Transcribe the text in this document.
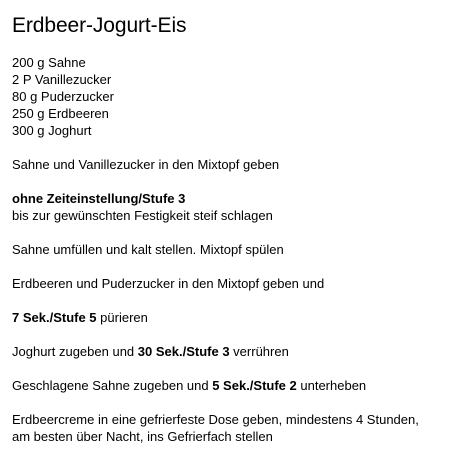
Erdbeer-Jogurt-Eis
200 g Sahne
2 P Vanillezucker
80 g Puderzucker
250 g Erdbeeren
300 g Joghurt

Sahne und Vanillezucker in den Mixtopf geben

ohne Zeiteinstellung/Stufe 3

bis zur gewünschten Festigkeit steif schlagen

Sahne umfüllen und kalt stellen. Mixtopf spülen

Erdbeeren und Puderzucker in den Mixtopf geben und

7 Sek./Stufe 5 pürieren

Joghurt zugeben und 30 Sek./Stufe 3 verrühren

Geschlagene Sahne zugeben und 5 Sek./Stufe 2 unterheben

Erdbeercreme in eine gefrierfeste Dose geben, mindestens 4 Stunden,

am besten über Nacht, ins Gefrierfach stellen
